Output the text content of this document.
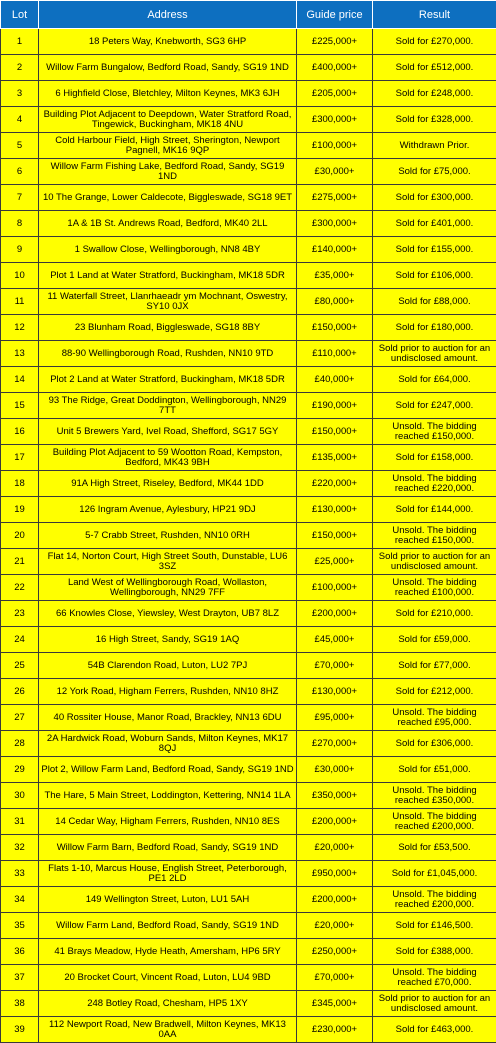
Lot	Address	Guide price	Result
1	18 Peters Way, Knebworth, SG3 6HP	£225,000+	Sold for £270,000.
2	Willow Farm Bungalow, Bedford Road, Sandy, SG19 1ND	£400,000+	Sold for £512,000.
3	6 Highfield Close, Bletchley, Milton Keynes, MK3 6JH	£205,000+	Sold for £248,000.
4	Building Plot Adjacent to Deepdown, Water Stratford Road, Tingewick, Buckingham, MK18 4NU	£300,000+	Sold for £328,000.
5	Cold Harbour Field, High Street, Sherington, Newport Pagnell, MK16 9QP	£100,000+	Withdrawn Prior.
6	Willow Farm Fishing Lake, Bedford Road, Sandy, SG19 1ND	£30,000+	Sold for £75,000.
7	10 The Grange, Lower Caldecote, Biggleswade, SG18 9ET	£275,000+	Sold for £300,000.
8	1A & 1B St. Andrews Road, Bedford, MK40 2LL	£300,000+	Sold for £401,000.
9	1 Swallow Close, Wellingborough, NN8 4BY	£140,000+	Sold for £155,000.
10	Plot 1 Land at Water Stratford, Buckingham, MK18 5DR	£35,000+	Sold for £106,000.
11	11 Waterfall Street, Llanrhaeadr ym Mochnant, Oswestry, SY10 0JX	£80,000+	Sold for £88,000.
12	23 Blunham Road, Biggleswade, SG18 8BY	£150,000+	Sold for £180,000.
13	88-90 Wellingborough Road, Rushden, NN10 9TD	£110,000+	Sold prior to auction for an undisclosed amount.
14	Plot 2 Land at Water Stratford, Buckingham, MK18 5DR	£40,000+	Sold for £64,000.
15	93 The Ridge, Great Doddington, Wellingborough, NN29 7TT	£190,000+	Sold for £247,000.
16	Unit 5 Brewers Yard, Ivel Road, Shefford, SG17 5GY	£150,000+	Unsold. The bidding reached £150,000.
17	Building Plot Adjacent to 59 Wootton Road, Kempston, Bedford, MK43 9BH	£135,000+	Sold for £158,000.
18	91A High Street, Riseley, Bedford, MK44 1DD	£220,000+	Unsold. The bidding reached £220,000.
19	126 Ingram Avenue, Aylesbury, HP21 9DJ	£130,000+	Sold for £144,000.
20	5-7 Crabb Street, Rushden, NN10 0RH	£150,000+	Unsold. The bidding reached £150,000.
21	Flat 14, Norton Court, High Street South, Dunstable, LU6 3SZ	£25,000+	Sold prior to auction for an undisclosed amount.
22	Land West of Wellingborough Road, Wollaston, Wellingborough, NN29 7FF	£100,000+	Unsold. The bidding reached £100,000.
23	66 Knowles Close, Yiewsley, West Drayton, UB7 8LZ	£200,000+	Sold for £210,000.
24	16 High Street, Sandy, SG19 1AQ	£45,000+	Sold for £59,000.
25	54B Clarendon Road, Luton, LU2 7PJ	£70,000+	Sold for £77,000.
26	12 York Road, Higham Ferrers, Rushden, NN10 8HZ	£130,000+	Sold for £212,000.
27	40 Rossiter House, Manor Road, Brackley, NN13 6DU	£95,000+	Unsold. The bidding reached £95,000.
28	2A Hardwick Road, Woburn Sands, Milton Keynes, MK17 8QJ	£270,000+	Sold for £306,000.
29	Plot 2, Willow Farm Land, Bedford Road, Sandy, SG19 1ND	£30,000+	Sold for £51,000.
30	The Hare, 5 Main Street, Loddington, Kettering, NN14 1LA	£350,000+	Unsold. The bidding reached £350,000.
31	14 Cedar Way, Higham Ferrers, Rushden, NN10 8ES	£200,000+	Unsold. The bidding reached £200,000.
32	Willow Farm Barn, Bedford Road, Sandy, SG19 1ND	£20,000+	Sold for £53,500.
33	Flats 1-10, Marcus House, English Street, Peterborough, PE1 2LD	£950,000+	Sold for £1,045,000.
34	149 Wellington Street, Luton, LU1 5AH	£200,000+	Unsold. The bidding reached £200,000.
35	Willow Farm Land, Bedford Road, Sandy, SG19 1ND	£20,000+	Sold for £146,500.
36	41 Brays Meadow, Hyde Heath, Amersham, HP6 5RY	£250,000+	Sold for £388,000.
37	20 Brocket Court, Vincent Road, Luton, LU4 9BD	£70,000+	Unsold. The bidding reached £70,000.
38	248 Botley Road, Chesham, HP5 1XY	£345,000+	Sold prior to auction for an undisclosed amount.
39	112 Newport Road, New Bradwell, Milton Keynes, MK13 0AA	£230,000+	Sold for £463,000.
